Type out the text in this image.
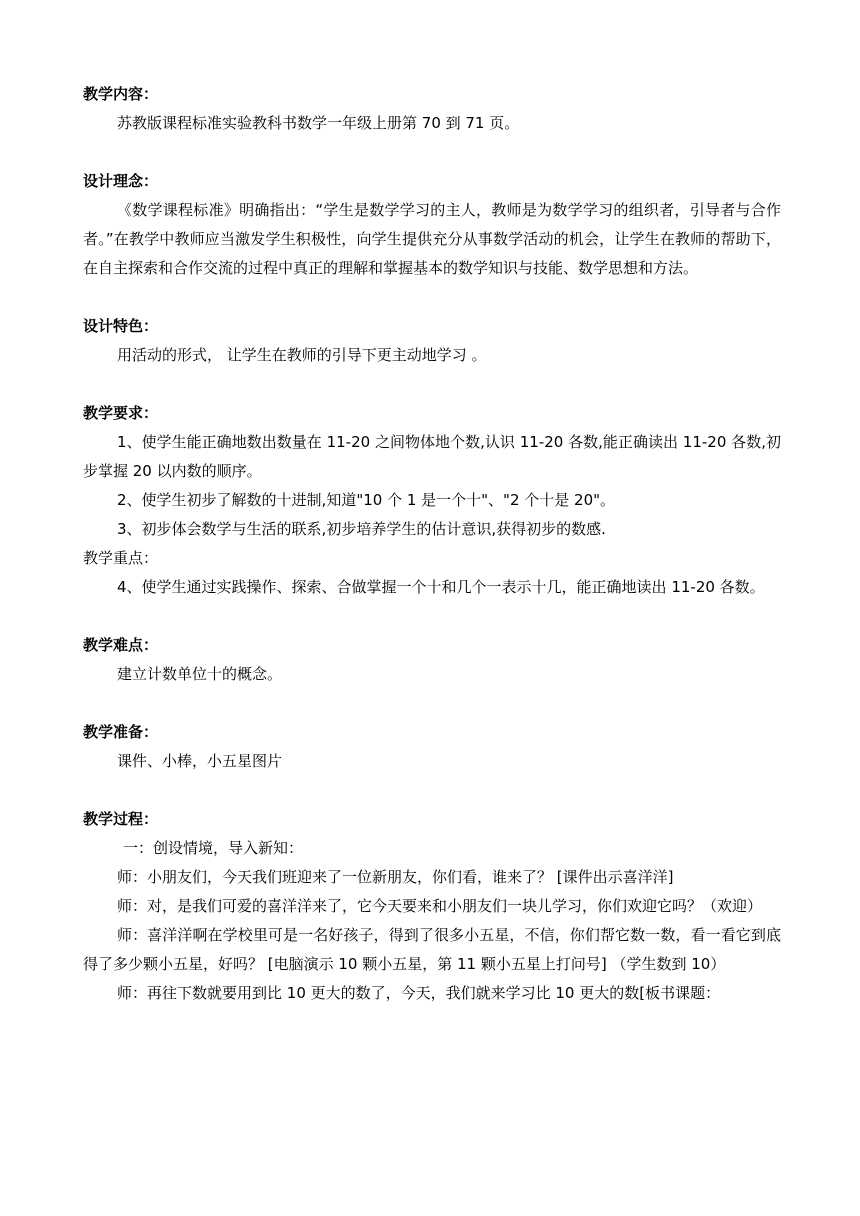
教学内容：

苏教版课程标准实验教科书数学一年级上册第 70 到 71 页。

设计理念：

《数学课程标准》明确指出：“学生是数学学习的主人，教师是为数学学习的组织者，引导者与合作者。”在教学中教师应当激发学生积极性，向学生提供充分从事数学活动的机会，让学生在教师的帮助下，在自主探索和合作交流的过程中真正的理解和掌握基本的数学知识与技能、数学思想和方法。

设计特色：

用活动的形式， 让学生在教师的引导下更主动地学习 。

教学要求：

1、使学生能正确地数出数量在 11-20 之间物体地个数,认识 11-20 各数,能正确读出 11-20 各数,初步掌握 20 以内数的顺序。

2、使学生初步了解数的十进制,知道"10 个 1 是一个十"、"2 个十是 20"。

3、初步体会数学与生活的联系,初步培养学生的估计意识,获得初步的数感.

教学重点：

4、使学生通过实践操作、探索、合做掌握一个十和几个一表示十几，能正确地读出 11-20 各数。

教学难点：

建立计数单位十的概念。

教学准备：

课件、小棒，小五星图片

教学过程：

一：创设情境，导入新知：

师：小朋友们，今天我们班迎来了一位新朋友，你们看，谁来了？ [课件出示喜洋洋]

师：对，是我们可爱的喜洋洋来了，它今天要来和小朋友们一块儿学习，你们欢迎它吗？（欢迎）

师：喜洋洋啊在学校里可是一名好孩子，得到了很多小五星，不信，你们帮它数一数，看一看它到底得了多少颗小五星，好吗？ [电脑演示 10 颗小五星，第 11 颗小五星上打问号] （学生数到 10）

师：再往下数就要用到比 10 更大的数了，今天，我们就来学习比 10 更大的数[板书课题：
